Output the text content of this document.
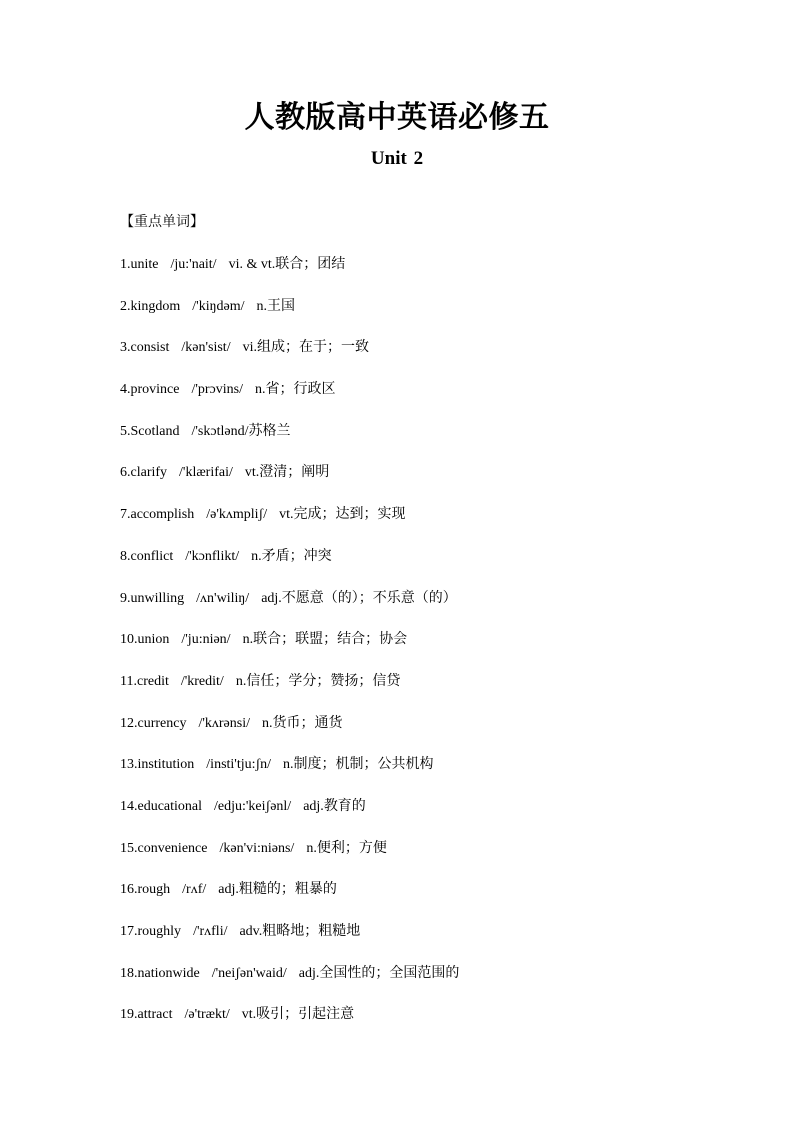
人教版高中英语必修五
Unit 2
【重点单词】
1.unite /ju:'nait/ vi. & vt.联合；团结
2.kingdom /'kiŋdəm/ n.王国
3.consist /kən'sist/ vi.组成；在于；一致
4.province /'prɔvins/ n.省；行政区
5.Scotland /'skɔtlənd/苏格兰
6.clarify /'klærifai/ vt.澄清；阐明
7.accomplish /ə'kʌmpliʃ/ vt.完成；达到；实现
8.conflict /'kɔnflikt/ n.矛盾；冲突
9.unwilling /ʌn'wiliŋ/ adj.不愿意（的）；不乐意（的）
10.union /'ju:niən/ n.联合；联盟；结合；协会
11.credit /'kredit/ n.信任；学分；赞扬；信贷
12.currency /'kʌrənsi/ n.货币；通货
13.institution /insti'tju:ʃn/ n.制度；机制；公共机构
14.educational /edju:'keiʃənl/ adj.教育的
15.convenience /kən'vi:niəns/ n.便利；方便
16.rough /rʌf/ adj.粗糙的；粗暴的
17.roughly /'rʌfli/ adv.粗略地；粗糙地
18.nationwide /'neiʃən'waid/ adj.全国性的；全国范围的
19.attract /ə'trækt/ vt.吸引；引起注意
